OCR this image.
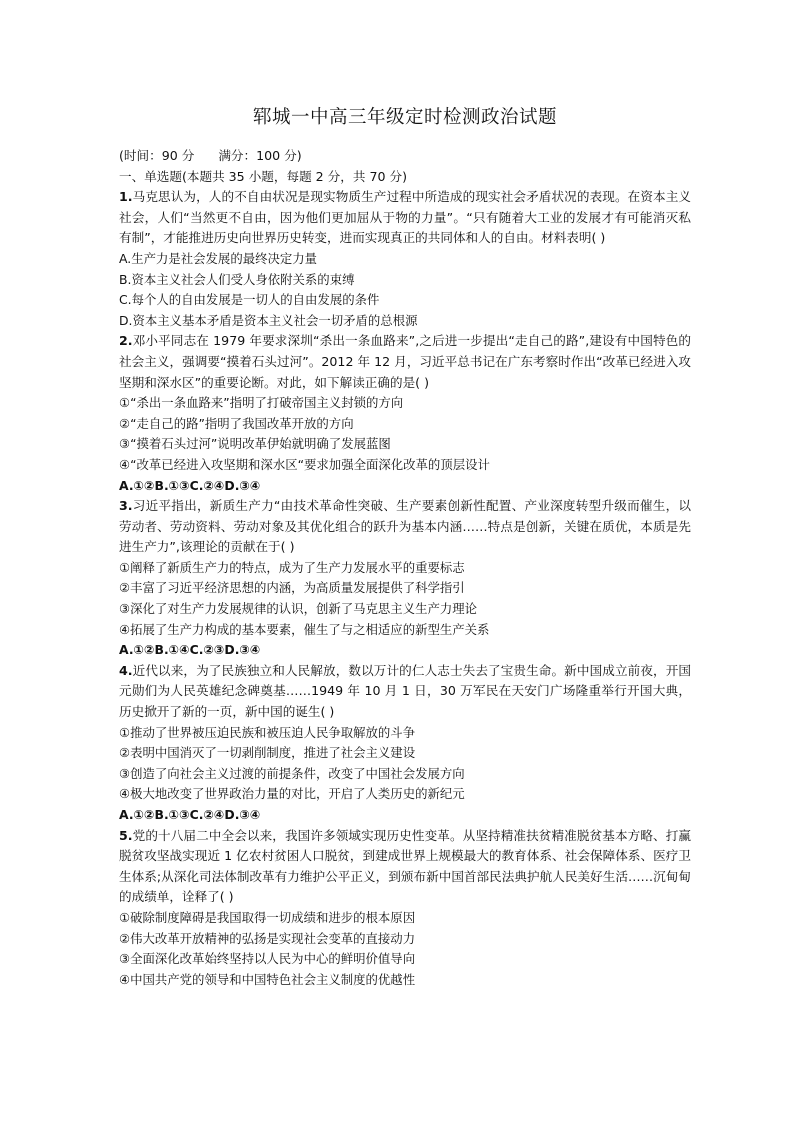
郓城一中高三年级定时检测政治试题
(时间：90 分 满分：100 分)
一、单选题(本题共 35 小题，每题 2 分，共 70 分)
1.马克思认为，人的不自由状况是现实物质生产过程中所造成的现实社会矛盾状况的表现。在资本主义社会，人们“当然更不自由，因为他们更加屈从于物的力量”。“只有随着大工业的发展才有可能消灭私有制”，才能推进历史向世界历史转变，进而实现真正的共同体和人的自由。材料表明( )
A.生产力是社会发展的最终决定力量
B.资本主义社会人们受人身依附关系的束缚
C.每个人的自由发展是一切人的自由发展的条件
D.资本主义基本矛盾是资本主义社会一切矛盾的总根源
2.邓小平同志在 1979 年要求深圳“杀出一条血路来”,之后进一步提出“走自己的路”,建设有中国特色的社会主义，强调要“摸着石头过河”。2012 年 12 月，习近平总书记在广东考察时作出“改革已经进入攻坚期和深水区”的重要论断。对此，如下解读正确的是( )
①“杀出一条血路来”指明了打破帝国主义封锁的方向
②“走自己的路”指明了我国改革开放的方向
③“摸着石头过河”说明改革伊始就明确了发展蓝图
④“改革已经进入攻坚期和深水区“要求加强全面深化改革的顶层设计
A.①②B.①③C.②④D.③④
3.习近平指出，新质生产力“由技术革命性突破、生产要素创新性配置、产业深度转型升级而催生，以劳动者、劳动资料、劳动对象及其优化组合的跃升为基本内涵……特点是创新，关键在质优，本质是先进生产力”,该理论的贡献在于( )
①阐释了新质生产力的特点，成为了生产力发展水平的重要标志
②丰富了习近平经济思想的内涵，为高质量发展提供了科学指引
③深化了对生产力发展规律的认识，创新了马克思主义生产力理论
④拓展了生产力构成的基本要素，催生了与之相适应的新型生产关系
A.①②B.①④C.②③D.③④
4.近代以来，为了民族独立和人民解放，数以万计的仁人志士失去了宝贵生命。新中国成立前夜，开国元勋们为人民英雄纪念碑奠基……1949 年 10 月 1 日，30 万军民在天安门广场隆重举行开国大典，历史掀开了新的一页，新中国的诞生( )
①推动了世界被压迫民族和被压迫人民争取解放的斗争
②表明中国消灭了一切剥削制度，推进了社会主义建设
③创造了向社会主义过渡的前提条件，改变了中国社会发展方向
④极大地改变了世界政治力量的对比，开启了人类历史的新纪元
A.①②B.①③C.②④D.③④
5.党的十八届二中全会以来，我国许多领域实现历史性变革。从坚持精准扶贫精准脱贫基本方略、打赢脱贫攻坚战实现近 1 亿农村贫困人口脱贫，到建成世界上规模最大的教育体系、社会保障体系、医疗卫生体系;从深化司法体制改革有力维护公平正义，到颁布新中国首部民法典护航人民美好生活……沉甸甸的成绩单，诠释了( )
①破除制度障碍是我国取得一切成绩和进步的根本原因
②伟大改革开放精神的弘扬是实现社会变革的直接动力
③全面深化改革始终坚持以人民为中心的鲜明价值导向
④中国共产党的领导和中国特色社会主义制度的优越性
